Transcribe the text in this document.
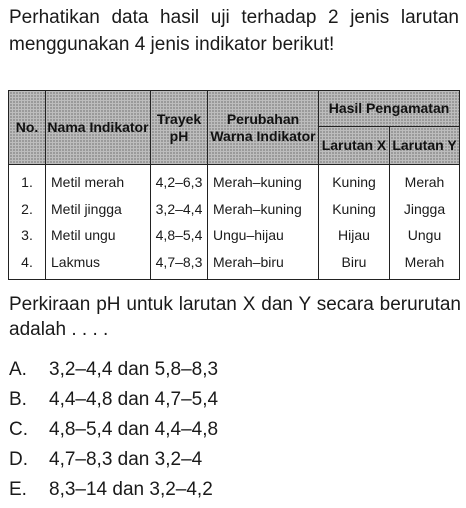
Perhatikan data hasil uji terhadap 2 jenis larutan menggunakan 4 jenis indikator berikut!
No.	Nama Indikator	Trayek pH	Perubahan Warna Indikator	Hasil Pengamatan	
				Larutan X	Larutan Y
1.	Metil merah	4,2–6,3	Merah–kuning	Kuning	Merah
2.	Metil jingga	3,2–4,4	Merah–kuning	Kuning	Jingga
3.	Metil ungu	4,8–5,4	Ungu–hijau	Hijau	Ungu
4.	Lakmus	4,7–8,3	Merah–biru	Biru	Merah
Perkiraan pH untuk larutan X dan Y secara berurutan adalah . . . .
A.	3,2–4,4 dan 5,8–8,3
B.	4,4–4,8 dan 4,7–5,4
C.	4,8–5,4 dan 4,4–4,8
D.	4,7–8,3 dan 3,2–4
E.	8,3–14 dan 3,2–4,2
